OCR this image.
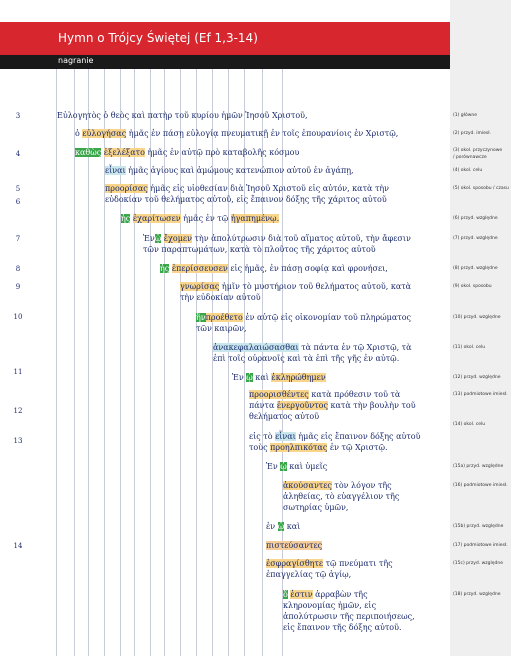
Hymn o Trójcy Świętej (Ef 1,3-14)
nagranie
3
4
5
6
7
8
9
10
11
12
13
14
Εὐλογητὸς ὁ θεὸς καὶ πατὴρ τοῦ κυρίου ἡμῶν Ἰησοῦ Χριστοῦ,
ὁ εὐλογήσας ἡμᾶς ἐν πάσῃ εὐλογίᾳ πνευματικῇ ἐν τοῖς ἐπουρανίοις ἐν Χριστῷ,
καθὼς ἐξελέξατο ἡμᾶς ἐν αὐτῷ πρὸ καταβολῆς κόσμου
εἶναι ἡμᾶς ἁγίους καὶ ἀμώμους κατενώπιον αὐτοῦ ἐν ἀγάπῃ,
προορίσας ἡμᾶς εἰς υἱοθεσίαν διὰ Ἰησοῦ Χριστοῦ εἰς αὐτόν, κατὰ τὴν
εὐδοκίαν τοῦ θελήματος αὐτοῦ, εἰς ἔπαινον δόξης τῆς χάριτος αὐτοῦ
ἧς ἐχαρίτωσεν ἡμᾶς ἐν τῷ ἠγαπημένῳ.
Ἐνᾧ ἔχομεν τὴν ἀπολύτρωσιν διὰ τοῦ αἵματος αὐτοῦ, τὴν ἄφεσιν
τῶν παραπτωμάτων, κατὰ τὸ πλοῦτος τῆς χάριτος αὐτοῦ
ἧς ἐπερίσσευσεν εἰς ἡμᾶς, ἐν πάσῃ σοφίᾳ καὶ φρονήσει,
γνωρίσας ἡμῖν τὸ μυστήριον τοῦ θελήματος αὐτοῦ, κατὰ
τὴν εὐδοκίαν αὐτοῦ
ἣνπροέθετο ἐν αὐτῷ εἰς οἰκονομίαν τοῦ πληρώματος
τῶν καιρῶν,
ἀνακεφαλαιώσασθαι τὰ πάντα ἐν τῷ Χριστῷ, τὰ
ἐπὶ τοῖς οὐρανοῖς καὶ τὰ ἐπὶ τῆς γῆς ἐν αὐτῷ.
Ἐν ᾧ καὶ ἐκληρώθημεν
προορισθέντες κατὰ πρόθεσιν τοῦ τὰ
πάντα ἐνεργοῦντος κατὰ τὴν βουλὴν τοῦ
θελήματος αὐτοῦ
εἰς τὸ εἶναι ἡμᾶς εἰς ἔπαινον δόξης αὐτοῦ
τοὺς προηλπικότας ἐν τῷ Χριστῷ.
Ἐν ᾧ καὶ ὑμεῖς
ἀκούσαντες τὸν λόγον τῆς
ἀληθείας, τὸ εὐαγγέλιον τῆς
σωτηρίας ὑμῶν,
ἐν ᾧ καὶ
πιστεύσαντες
ἐσφραγίσθητε τῷ πνεύματι τῆς
ἐπαγγελίας τῷ ἁγίῳ,
ὅ ἐστιν ἀρραβὼν τῆς
κληρονομίας ἡμῶν, εἰς
ἀπολύτρωσιν τῆς περιποιήσεως,
εἰς ἔπαινον τῆς δόξης αὐτοῦ.
(1) główne
(2) przyd. imiesł.
(3) okol. przyczynowe
/ porównawcze
(4) okol. celu
(5) okol. sposobu / czasu
(6) przyd. względne
(7) przyd. względne
(8) przyd. względne
(9) okol. sposobu
(10) przyd. względne
(11) okol. celu
(12) przyd. względne
(13) podmiotowe imiesł.
(14) okol. celu
(15a) przyd. względne
(16) podmiotowe imiesł.
(15b) przyd. względne
(17) podmiotowe imiesł.
(15c) przyd. względne
(18) przyd. względne
